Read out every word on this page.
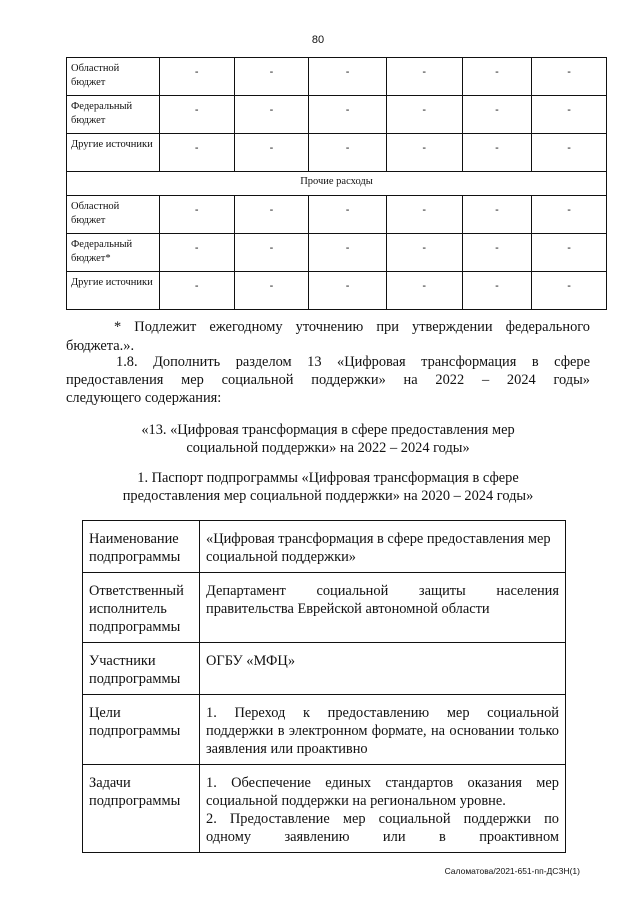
80
Областной бюджет	-	-	-	-	-	-
Федеральный бюджет	-	-	-	-	-	-
Другие источники	-	-	-	-	-	-
Прочие расходы						
Областной бюджет	-	-	-	-	-	-
Федеральный бюджет*	-	-	-	-	-	-
Другие источники	-	-	-	-	-	-

* Подлежит ежегодному уточнению при утверждении федерального

бюджета.».

1.8. Дополнить разделом 13 «Цифровая трансформация в сфере

предоставления мер социальной поддержки» на 2022 – 2024 годы»

следующего содержания:

«13. «Цифровая трансформация в сфере предоставления мер

социальной поддержки» на 2022 – 2024 годы»

1. Паспорт подпрограммы «Цифровая трансформация в сфере

предоставления мер социальной поддержки» на 2020 – 2024 годы»

Наименование подпрограммы	«Цифровая трансформация в сфере предоставления мер социальной поддержки»
Ответственный исполнитель подпрограммы	Департамент социальной защиты населения правительства Еврейской автономной области
Участники подпрограммы	ОГБУ «МФЦ»
Цели подпрограммы	1. Переход к предоставлению мер социальной поддержки в электронном формате, на основании только заявления или проактивно
Задачи подпрограммы	1. Обеспечение единых стандартов оказания мер социальной поддержки на региональном уровне.

2. Предоставление мер социальной поддержки по одному заявлению или в проактивном

Саломатова/2021-651-пп-ДСЗН(1)
